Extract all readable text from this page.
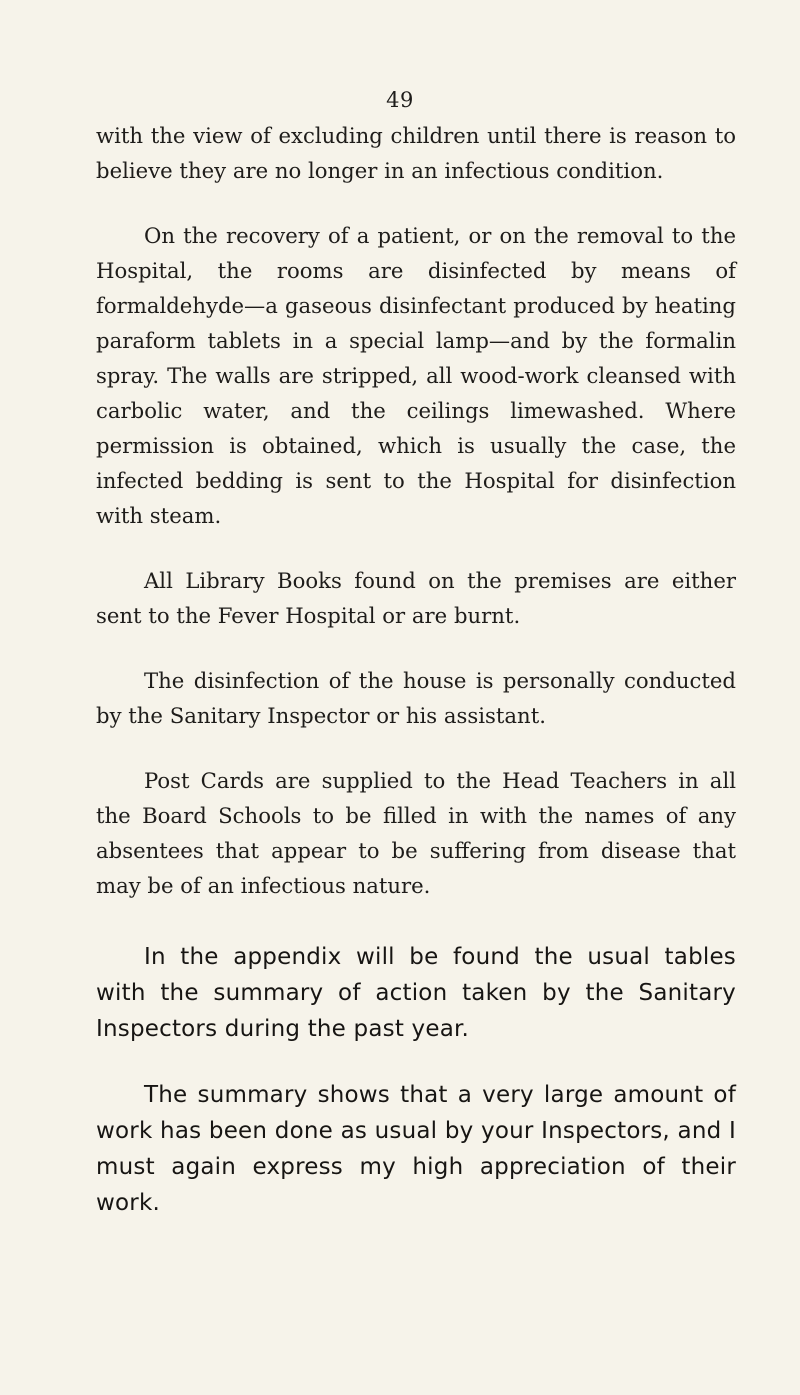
49

with the view of excluding children until there is reason to believe they are no longer in an infectious condition.

On the recovery of a patient, or on the removal to the Hospital, the rooms are disinfected by means of formaldehyde—a gaseous disinfectant produced by heating paraform tablets in a special lamp—and by the formalin spray. The walls are stripped, all wood-work cleansed with carbolic water, and the ceilings limewashed. Where permission is obtained, which is usually the case, the infected bedding is sent to the Hospital for disinfection with steam.

All Library Books found on the premises are either sent to the Fever Hospital or are burnt.

The disinfection of the house is personally conducted by the Sanitary Inspector or his assistant.

Post Cards are supplied to the Head Teachers in all the Board Schools to be filled in with the names of any absentees that appear to be suffering from disease that may be of an infectious nature.

In the appendix will be found the usual tables with the summary of action taken by the Sanitary Inspectors during the past year.

The summary shows that a very large amount of work has been done as usual by your Inspectors, and I must again express my high appreciation of their work.
